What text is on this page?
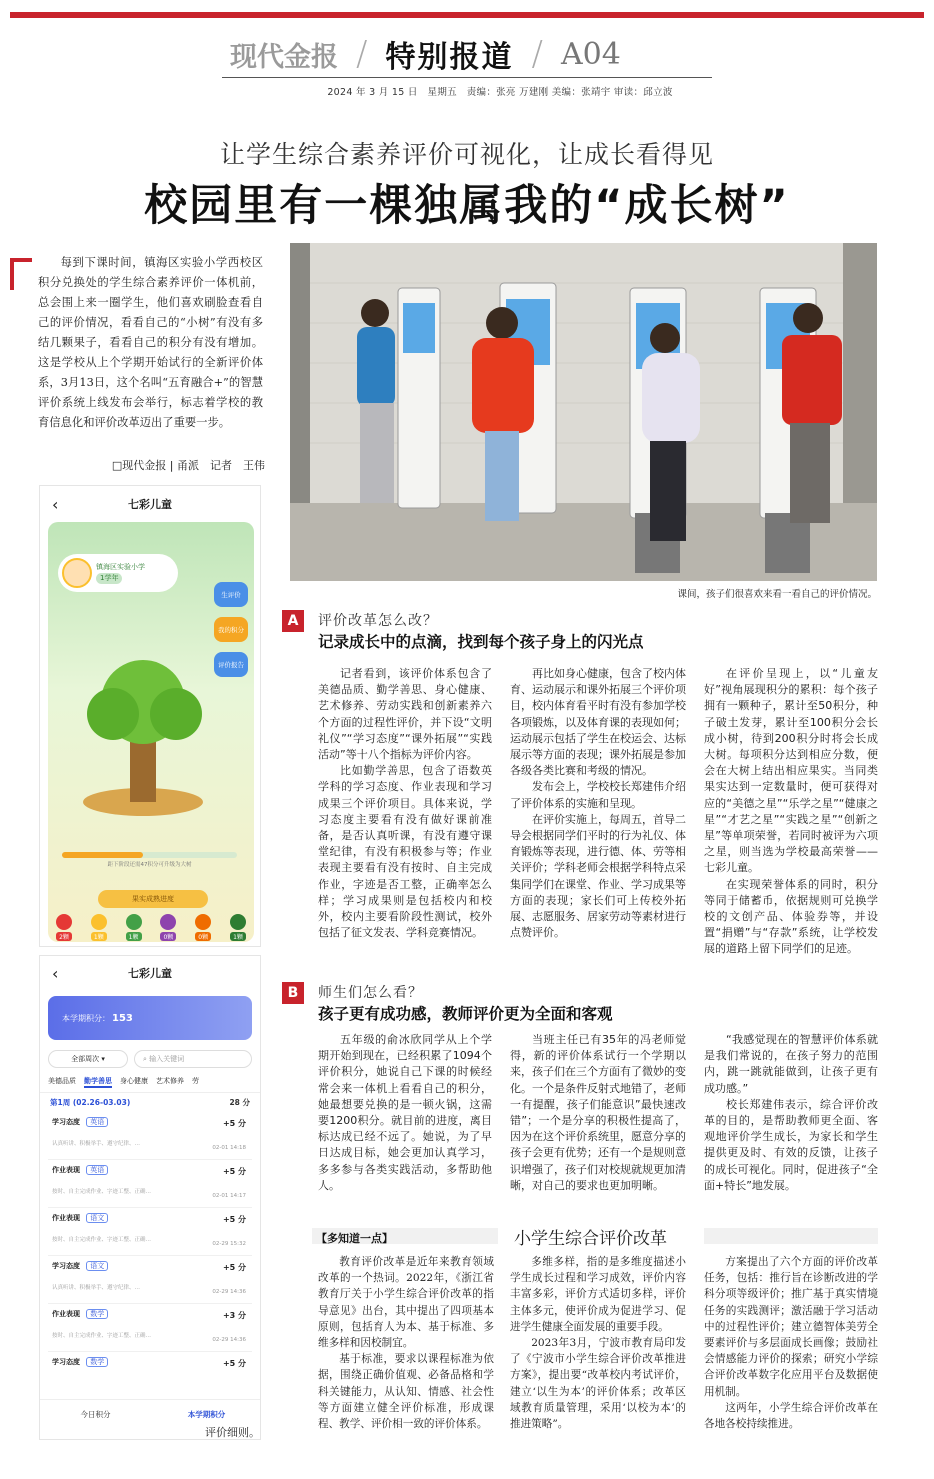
现代金报 / 特别报道 / A04
2024 年 3 月 15 日　星期五　责编：张亮 万建刚 美编：张靖宇 审读：邱立波
让学生综合素养评价可视化，让成长看得见
校园里有一棵独属我的“成长树”
每到下课时间，镇海区实验小学西校区积分兑换处的学生综合素养评价一体机前，总会围上来一圈学生，他们喜欢刷脸查看自己的评价情况，看看自己的“小树”有没有多结几颗果子，看看自己的积分有没有增加。这是学校从上个学期开始试行的全新评价体系，3月13日，这个名叫“五育融合+”的智慧评价系统上线发布会举行，标志着学校的教育信息化和评价改革迈出了重要一步。
□现代金报 | 甬派　记者　王伟
课间，孩子们很喜欢来看一看自己的评价情况。
‹	七彩儿童
镇海区实验小学
1学年
生评价
我的积分
评价报告
距下阶段还需47积分可升级为大树
果实成熟进度
2颗	1颗	1颗	0颗	0颗	1颗
‹	七彩儿童
本学期积分： 153
全部周次 ▾	⌕ 输入关键词
美德品质 勤学善思 身心健康 艺术修养 劳
第1周 (02.26-03.03)	28 分
学习态度 英语	+5 分
认真听讲、积极举手、遵守纪律、…
02-01 14:18
作业表现 英语	+5 分
按时、自主完成作业、字迹工整、正确…
02-01 14:17
作业表现 语文	+5 分
按时、自主完成作业、字迹工整、正确…
02-29 15:32
学习态度 语文	+5 分
认真听讲、积极举手、遵守纪律、…
02-29 14:36
作业表现 数学	+3 分
按时、自主完成作业、字迹工整、正确…
02-29 14:36
学习态度 数学	+5 分
今日积分	本学期积分
评价细则。
A	评价改革怎么改？
记录成长中的点滴，找到每个孩子身上的闪光点

记者看到，该评价体系包含了美德品质、勤学善思、身心健康、艺术修养、劳动实践和创新素养六个方面的过程性评价，并下设“文明礼仪”“学习态度”“课外拓展”“实践活动”等十八个指标为评价内容。

比如勤学善思，包含了语数英学科的学习态度、作业表现和学习成果三个评价项目。具体来说，学习态度主要看有没有做好课前准备，是否认真听课，有没有遵守课堂纪律，有没有积极参与等；作业表现主要看有没有按时、自主完成作业，字迹是否工整，正确率怎么样；学习成果则是包括校内和校外，校内主要看阶段性测试，校外包括了征文发表、学科竞赛情况。

再比如身心健康，包含了校内体育、运动展示和课外拓展三个评价项目，校内体育看平时有没有参加学校各项锻炼，以及体育课的表现如何；运动展示包括了学生在校运会、达标展示等方面的表现；课外拓展是参加各级各类比赛和考级的情况。

发布会上，学校校长郑建伟介绍了评价体系的实施和呈现。

在评价实施上，每周五，首导二导会根据同学们平时的行为礼仪、体育锻炼等表现，进行德、体、劳等相关评价；学科老师会根据学科特点采集同学们在课堂、作业、学习成果等方面的表现；家长们可上传校外拓展、志愿服务、居家劳动等素材进行点赞评价。

在评价呈现上，以“儿童友好”视角展现积分的累积：每个孩子拥有一颗种子，累计至50积分，种子破土发芽，累计至100积分会长成小树，待到200积分时将会长成大树。每项积分达到相应分数，便会在大树上结出相应果实。当同类果实达到一定数量时，便可获得对应的“美德之星”“乐学之星”“健康之星”“才艺之星”“实践之星”“创新之星”等单项荣誉，若同时被评为六项之星，则当选为学校最高荣誉——七彩儿童。

在实现荣誉体系的同时，积分等同于储蓄币，依据规则可兑换学校的文创产品、体验券等，并设置“捐赠”与“存款”系统，让学校发展的道路上留下同学们的足迹。

B	师生们怎么看？
孩子更有成功感，教师评价更为全面和客观

五年级的俞冰欣同学从上个学期开始到现在，已经积累了1094个评价积分，她说自己下课的时候经常会来一体机上看看自己的积分，她最想要兑换的是一顿火锅，这需要1200积分。就目前的进度，离目标达成已经不远了。她说，为了早日达成目标，她会更加认真学习，多多参与各类实践活动，多帮助他人。

当班主任已有35年的冯老师觉得，新的评价体系试行一个学期以来，孩子们在三个方面有了微妙的变化。一个是条件反射式地错了，老师一有提醒，孩子们能意识”最快速改错”；一个是分享的积极性提高了，因为在这个评价系统里，愿意分享的孩子会更有优势；还有一个是规则意识增强了，孩子们对校规就规更加清晰，对自己的要求也更加明晰。

“我感觉现在的智慧评价体系就是我们常说的，在孩子努力的范围内，跳一跳就能做到，让孩子更有成功感。”

校长郑建伟表示，综合评价改革的目的，是帮助教师更全面、客观地评价学生成长，为家长和学生提供更及时、有效的反馈，让孩子的成长可视化。同时，促进孩子“全面+特长”地发展。

【多知道一点】	小学生综合评价改革

教育评价改革是近年来教育领域改革的一个热词。2022年，《浙江省教育厅关于小学生综合评价改革的指导意见》出台，其中提出了四项基本原则，包括育人为本、基于标准、多维多样和因校制宜。

基于标准，要求以课程标准为依据，围绕正确价值观、必备品格和学科关键能力，从认知、情感、社会性等方面建立健全评价标准，形成课程、教学、评价相一致的评价体系。

多维多样，指的是多维度描述小学生成长过程和学习成效，评价内容丰富多彩，评价方式适切多样，评价主体多元，使评价成为促进学习、促进学生健康全面发展的重要手段。

2023年3月，宁波市教育局印发了《宁波市小学生综合评价改革推进方案》，提出要“改革校内考试评价，建立‘以生为本’的评价体系；改革区域教育质量管理，采用‘以校为本’的推进策略”。

方案提出了六个方面的评价改革任务，包括：推行旨在诊断改进的学科分项等级评价；推广基于真实情境任务的实践测评；激活融于学习活动中的过程性评价；建立德智体美劳全要素评价与多层面成长画像；鼓励社会情感能力评价的探索；研究小学综合评价改革数字化应用平台及数据使用机制。

这两年，小学生综合评价改革在各地各校持续推进。
